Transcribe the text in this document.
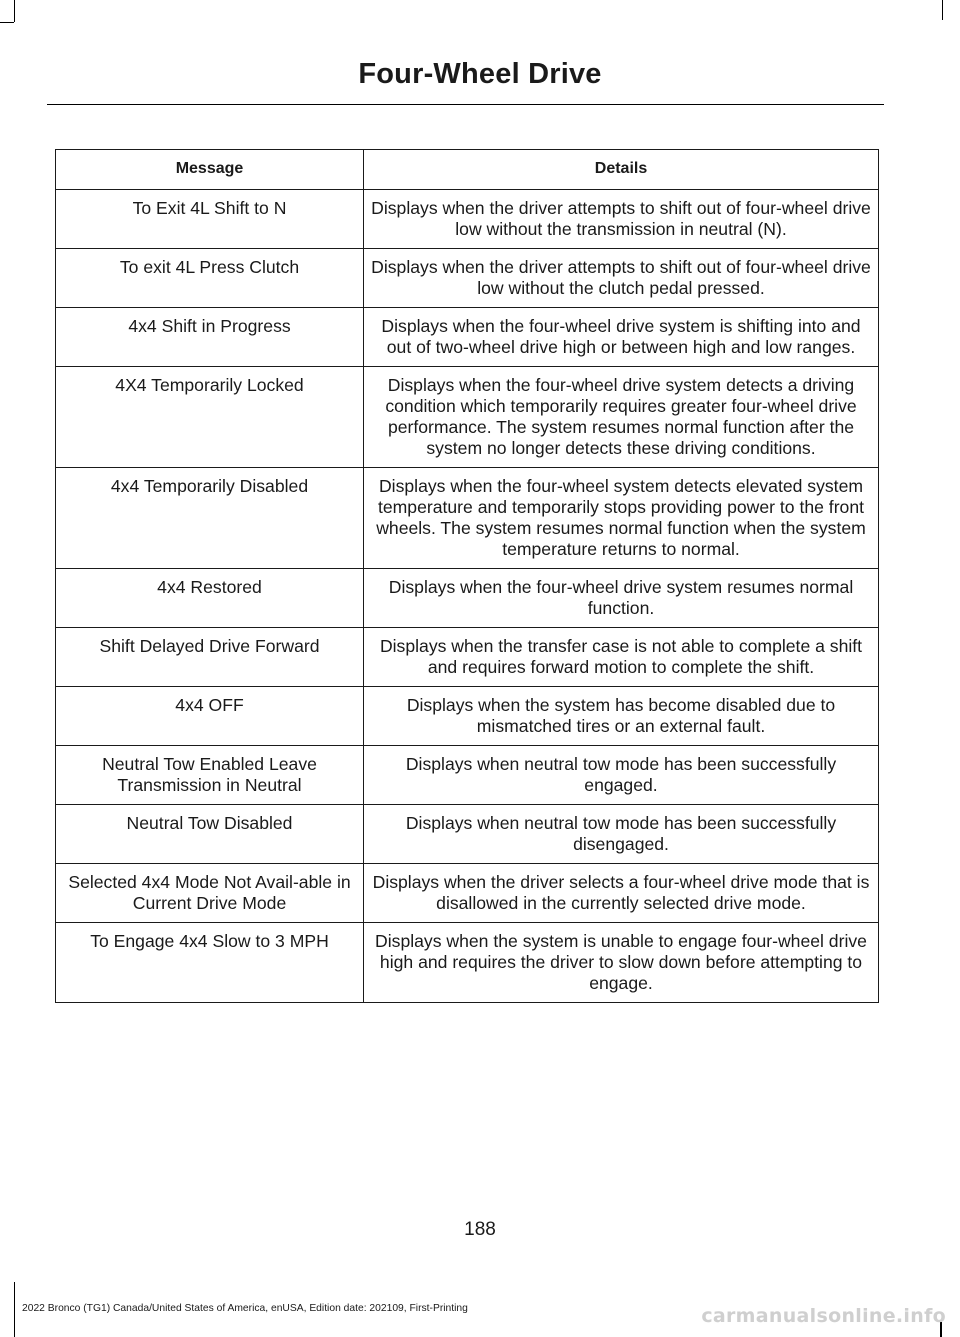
Four-Wheel Drive
Message	Details
To Exit 4L Shift to N	Displays when the driver attempts to shift out of four-wheel drive low without the transmission in neutral (N).
To exit 4L Press Clutch	Displays when the driver attempts to shift out of four-wheel drive low without the clutch pedal pressed.
4x4 Shift in Progress	Displays when the four-wheel drive system is shifting into and out of two-wheel drive high or between high and low ranges.
4X4 Temporarily Locked	Displays when the four-wheel drive system detects a driving condition which temporarily requires greater four-wheel drive performance. The system resumes normal function after the system no longer detects these driving conditions.
4x4 Temporarily Disabled	Displays when the four-wheel system detects elevated system temperature and temporarily stops providing power to the front wheels. The system resumes normal function when the system temperature returns to normal.
4x4 Restored	Displays when the four-wheel drive system resumes normal function.
Shift Delayed Drive Forward	Displays when the transfer case is not able to complete a shift and requires forward motion to complete the shift.
4x4 OFF	Displays when the system has become disabled due to mismatched tires or an external fault.
Neutral Tow Enabled Leave Transmission in Neutral	Displays when neutral tow mode has been successfully engaged.
Neutral Tow Disabled	Displays when neutral tow mode has been successfully disengaged.
Selected 4x4 Mode Not Avail-able in Current Drive Mode	Displays when the driver selects a four-wheel drive mode that is disallowed in the currently selected drive mode.
To Engage 4x4 Slow to 3 MPH	Displays when the system is unable to engage four-wheel drive high and requires the driver to slow down before attempting to engage.
188
2022 Bronco (TG1) Canada/United States of America, enUSA, Edition date: 202109, First-Printing	carmanualsonline.info
